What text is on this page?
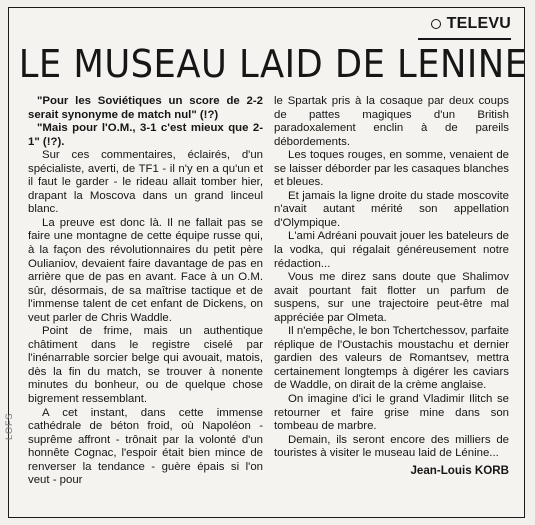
TELEVU
LE MUSEAU LAID DE LENINE

"Pour les Soviétiques un score de 2-2 serait synonyme de match nul" (!?)

"Mais pour l'O.M., 3-1 c'est mieux que 2-1" (!?).

Sur ces commentaires, éclairés, d'un spécialiste, averti, de TF1 - il n'y en a qu'un et il faut le garder - le rideau allait tomber hier, drapant la Moscova dans un grand linceul blanc.

La preuve est donc là. Il ne fallait pas se faire une montagne de cette équipe russe qui, à la façon des révolutionnaires du petit père Oulianiov, devaient faire davantage de pas en arrière que de pas en avant. Face à un O.M. sûr, désormais, de sa maîtrise tactique et de l'immense talent de cet enfant de Dickens, on veut parler de Chris Waddle.

Point de frime, mais un authentique châtiment dans le registre ciselé par l'inénarrable sorcier belge qui avouait, matois, dès la fin du match, se trouver à nonente minutes du bonheur, ou de quelque chose bigrement ressemblant.

A cet instant, dans cette immense cathédrale de béton froid, où Napoléon - suprême affront - trônait par la volonté d'un honnête Cognac, l'espoir était bien mince de renverser la tendance - guère épais si l'on veut - pour

le Spartak pris à la cosaque par deux coups de pattes magiques d'un British paradoxalement enclin à de pareils débordements.

Les toques rouges, en somme, venaient de se laisser déborder par les casaques blanches et bleues.

Et jamais la ligne droite du stade moscovite n'avait autant mérité son appellation d'Olympique.

L'ami Adréani pouvait jouer les bateleurs de la vodka, qui régalait généreusement notre rédaction...

Vous me direz sans doute que Shalimov avait pourtant fait flotter un parfum de suspens, sur une trajectoire peut-être mal appréciée par Olmeta.

Il n'empêche, le bon Tchertchessov, parfaite réplique de l'Oustachis moustachu et dernier gardien des valeurs de Romantsev, mettra certainement longtemps à digérer les caviars de Waddle, on dirait de la crème anglaise.

On imagine d'ici le grand Vladimir Ilitch se retourner et faire grise mine dans son tombeau de marbre.

Demain, ils seront encore des milliers de touristes à visiter le museau laid de Lénine...

Jean-Louis KORB
LOFS
